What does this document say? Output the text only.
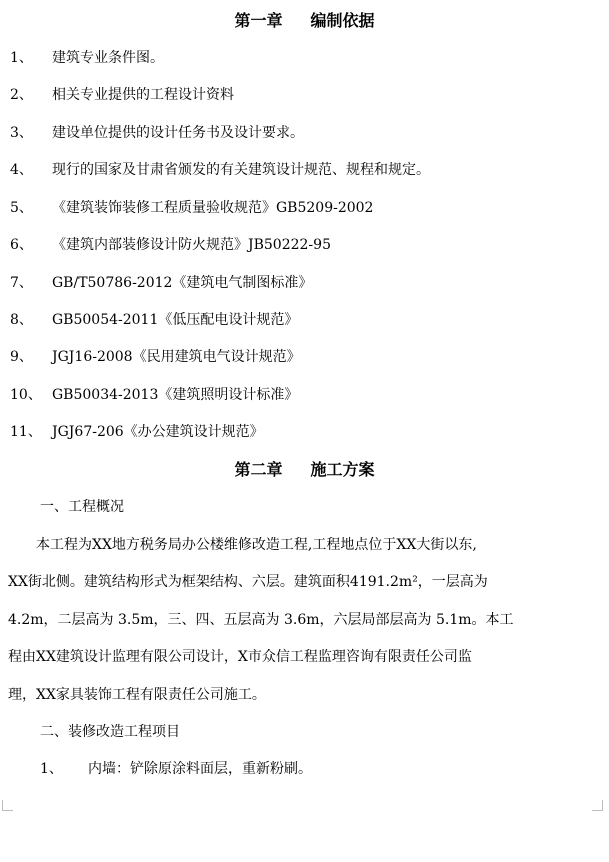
第一章 编制依据
1、 建筑专业条件图。
2、 相关专业提供的工程设计资料
3、 建设单位提供的设计任务书及设计要求。
4、 现行的国家及甘肃省颁发的有关建筑设计规范、规程和规定。
5、 《建筑装饰装修工程质量验收规范》GB5209-2002
6、 《建筑内部装修设计防火规范》JB50222-95
7、 GB/T50786-2012《建筑电气制图标准》
8、 GB50054-2011《低压配电设计规范》
9、 JGJ16-2008《民用建筑电气设计规范》
10、 GB50034-2013《建筑照明设计标准》
11、 JGJ67-206《办公建筑设计规范》
第二章 施工方案
一、工程概况
　　本工程为XX地方税务局办公楼维修改造工程,工程地点位于XX大街以东,
XX街北侧。建筑结构形式为框架结构、六层。建筑面积4191.2m²，一层高为
4.2m，二层高为 3.5m，三、四、五层高为 3.6m，六层局部层高为 5.1m。本工
程由XX建筑设计监理有限公司设计，X市众信工程监理咨询有限责任公司监
理，XX家具装饰工程有限责任公司施工。
二、装修改造工程项目
1、 内墙：铲除原涂料面层，重新粉刷。
